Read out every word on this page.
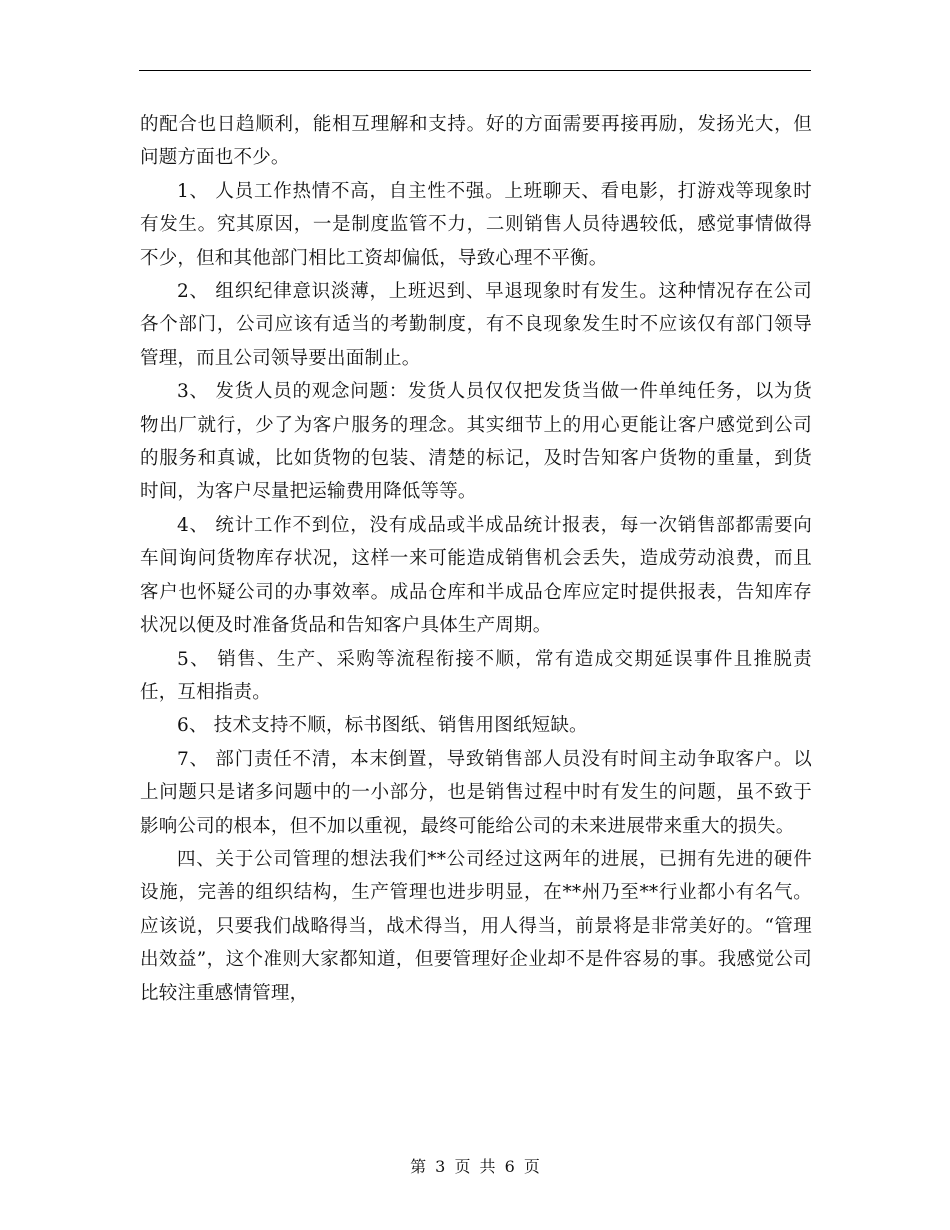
的配合也日趋顺利，能相互理解和支持。好的方面需要再接再励，发扬光大，但问题方面也不少。

1、 人员工作热情不高，自主性不强。上班聊天、看电影，打游戏等现象时有发生。究其原因，一是制度监管不力，二则销售人员待遇较低，感觉事情做得不少，但和其他部门相比工资却偏低，导致心理不平衡。

2、 组织纪律意识淡薄，上班迟到、早退现象时有发生。这种情况存在公司各个部门，公司应该有适当的考勤制度，有不良现象发生时不应该仅有部门领导管理，而且公司领导要出面制止。

3、 发货人员的观念问题：发货人员仅仅把发货当做一件单纯任务，以为货物出厂就行，少了为客户服务的理念。其实细节上的用心更能让客户感觉到公司的服务和真诚，比如货物的包装、清楚的标记，及时告知客户货物的重量，到货时间，为客户尽量把运输费用降低等等。

4、 统计工作不到位，没有成品或半成品统计报表，每一次销售部都需要向车间询问货物库存状况，这样一来可能造成销售机会丢失，造成劳动浪费，而且客户也怀疑公司的办事效率。成品仓库和半成品仓库应定时提供报表，告知库存状况以便及时准备货品和告知客户具体生产周期。

5、 销售、生产、采购等流程衔接不顺，常有造成交期延误事件且推脱责任，互相指责。

6、 技术支持不顺，标书图纸、销售用图纸短缺。

7、 部门责任不清，本末倒置，导致销售部人员没有时间主动争取客户。以上问题只是诸多问题中的一小部分，也是销售过程中时有发生的问题，虽不致于影响公司的根本，但不加以重视，最终可能给公司的未来进展带来重大的损失。

四、关于公司管理的想法我们**公司经过这两年的进展，已拥有先进的硬件设施，完善的组织结构，生产管理也进步明显，在**州乃至**行业都小有名气。应该说，只要我们战略得当，战术得当，用人得当，前景将是非常美好的。“管理出效益”，这个准则大家都知道，但要管理好企业却不是件容易的事。我感觉公司比较注重感情管理，

第 3 页 共 6 页
